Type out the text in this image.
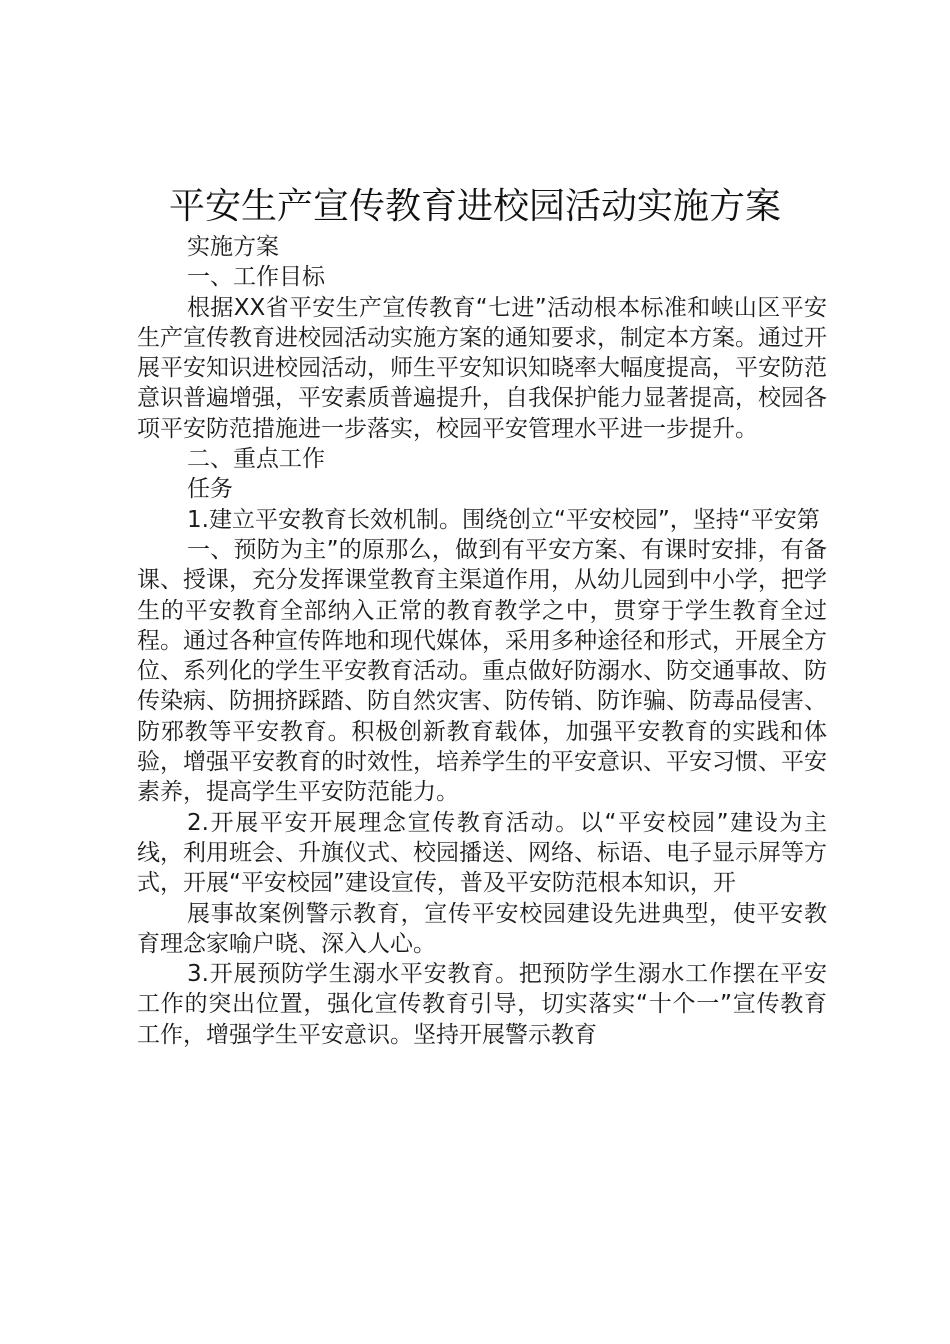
平安生产宣传教育进校园活动实施方案

实施方案

一、工作目标

根据XX省平安生产宣传教育“七进”活动根本标准和峡山区平安生产宣传教育进校园活动实施方案的通知要求，制定本方案。通过开展平安知识进校园活动，师生平安知识知晓率大幅度提高，平安防范意识普遍增强，平安素质普遍提升，自我保护能力显著提高，校园各项平安防范措施进一步落实，校园平安管理水平进一步提升。

二、重点工作

任务

1.建立平安教育长效机制。围绕创立“平安校园”，坚持“平安第

一、预防为主”的原那么，做到有平安方案、有课时安排，有备课、授课，充分发挥课堂教育主渠道作用，从幼儿园到中小学，把学生的平安教育全部纳入正常的教育教学之中，贯穿于学生教育全过程。通过各种宣传阵地和现代媒体，采用多种途径和形式，开展全方位、系列化的学生平安教育活动。重点做好防溺水、防交通事故、防传染病、防拥挤踩踏、防自然灾害、防传销、防诈骗、防毒品侵害、防邪教等平安教育。积极创新教育载体，加强平安教育的实践和体验，增强平安教育的时效性，培养学生的平安意识、平安习惯、平安素养，提高学生平安防范能力。

2.开展平安开展理念宣传教育活动。以“平安校园”建设为主线，利用班会、升旗仪式、校园播送、网络、标语、电子显示屏等方式，开展“平安校园”建设宣传，普及平安防范根本知识，开

展事故案例警示教育，宣传平安校园建设先进典型，使平安教育理念家喻户晓、深入人心。

3.开展预防学生溺水平安教育。把预防学生溺水工作摆在平安工作的突出位置，强化宣传教育引导，切实落实“十个一”宣传教育工作，增强学生平安意识。坚持开展警示教育
